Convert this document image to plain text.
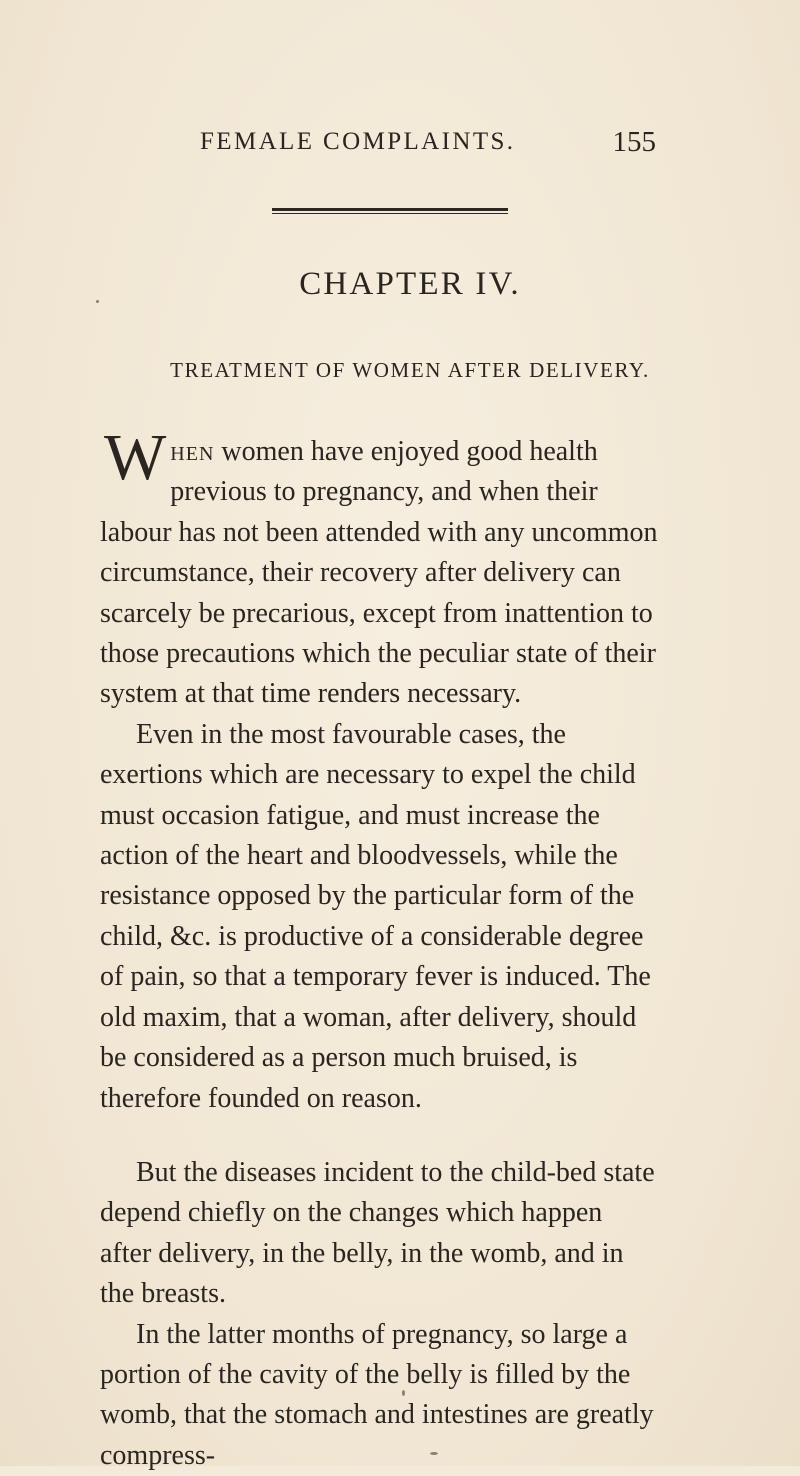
FEMALE COMPLAINTS.	155
CHAPTER IV.
TREATMENT OF WOMEN AFTER DELIVERY.

When women have enjoyed good health previous to pregnancy, and when their labour has not been attended with any uncommon circumstance, their recovery after delivery can scarcely be precarious, except from inattention to those precautions which the peculiar state of their system at that time renders necessary.

Even in the most favourable cases, the exertions which are necessary to expel the child must occasion fatigue, and must increase the action of the heart and bloodvessels, while the resistance opposed by the particular form of the child, &c. is productive of a considerable degree of pain, so that a temporary fever is induced. The old maxim, that a woman, after delivery, should be considered as a person much bruised, is therefore founded on reason.

But the diseases incident to the child-bed state depend chiefly on the changes which happen after delivery, in the belly, in the womb, and in the breasts.

In the latter months of pregnancy, so large a portion of the cavity of the belly is filled by the womb, that the stomach and intestines are greatly compress-
